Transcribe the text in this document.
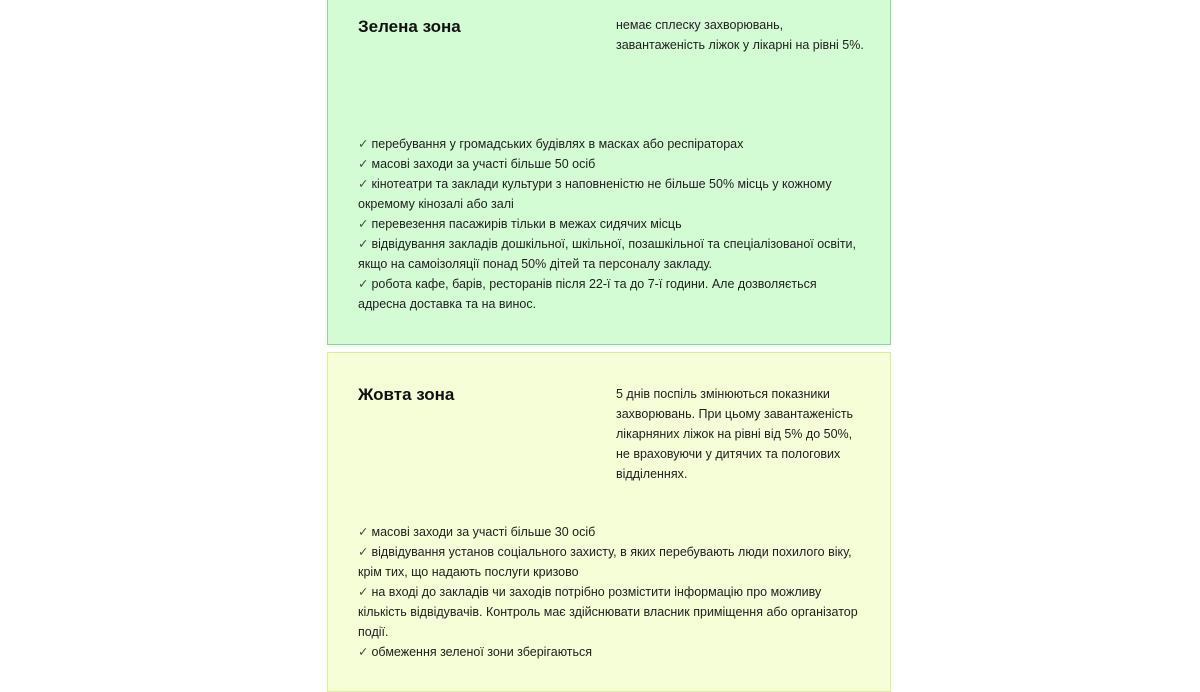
Зелена зона	немає сплеску захворювань, завантаженість ліжок у лікарні на рівні 5%.

✓ перебування у громадських будівлях в масках або респіраторах
✓ масові заходи за участі більше 50 осіб
✓ кінотеатри та заклади культури з наповненістю не більше 50% місць у кожному окремому кінозалі або залі
✓ перевезення пасажирів тільки в межах сидячих місць
✓ відвідування закладів дошкільної, шкільної, позашкільної та спеціалізованої освіти, якщо на самоізоляції понад 50% дітей та персоналу закладу.
✓ робота кафе, барів, ресторанів після 22-ї та до 7-ї години. Але дозволяється адресна доставка та на винос.
Жовта зона	5 днів поспіль змінюються показники захворювань. При цьому завантаженість лікарняних ліжок на рівні від 5% до 50%, не враховуючи у дитячих та пологових відділеннях.

✓ масові заходи за участі більше 30 осіб
✓ відвідування установ соціального захисту, в яких перебувають люди похилого віку, крім тих, що надають послуги кризово
✓ на вході до закладів чи заходів потрібно розмістити інформацію про можливу кількість відвідувачів. Контроль має здійснювати власник приміщення або організатор події.
✓ обмеження зеленої зони зберігаються
